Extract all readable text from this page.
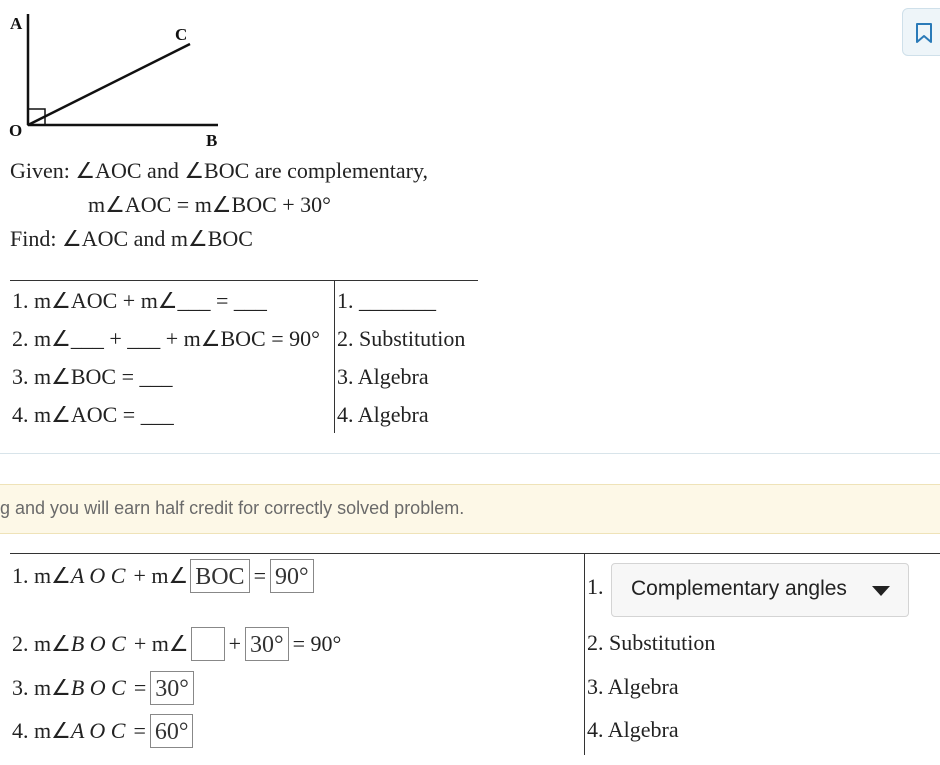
A
C
O
B
Given: ∠AOC and ∠BOC are complementary,
m∠AOC = m∠BOC + 30°
Find: ∠AOC and m∠BOC
1. m∠AOC + m∠___ = ___	1. _______
2. m∠___ + ___ + m∠BOC = 90° 2. Substitution
3. m∠BOC = ___	3. Algebra
4. m∠AOC = ___	4. Algebra
g and you will earn half credit for correctly solved problem.
1. m∠ A O C + m∠ BOC = 90°	1. Complementary angles
2. m∠ B O C + m∠ + 30° = 90°	2. Substitution
3. m∠ B O C = 30°	3. Algebra
4. m∠ A O C = 60°	4. Algebra
